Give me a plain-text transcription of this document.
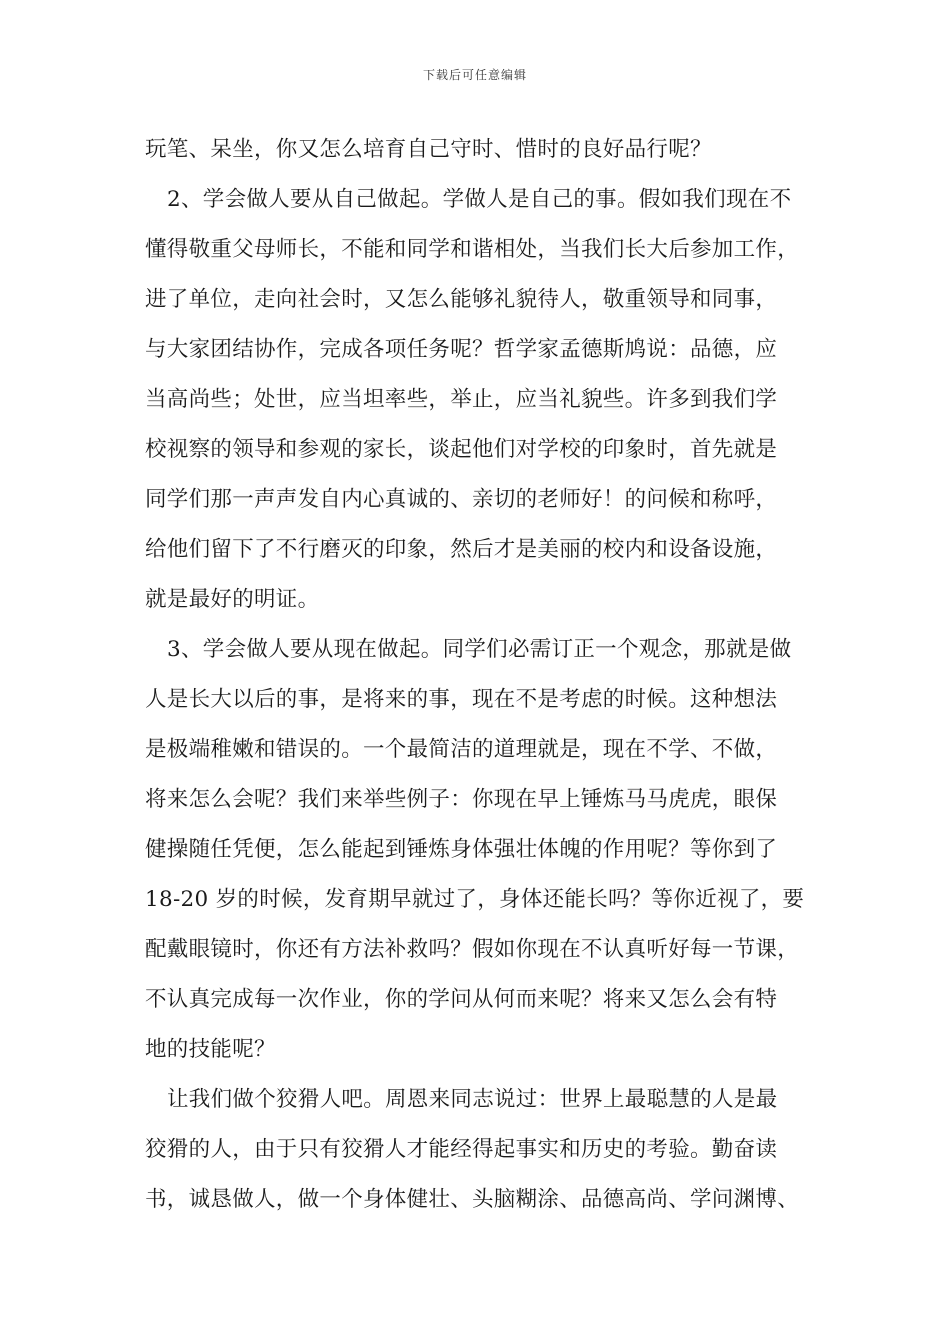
下载后可任意编辑
玩笔、呆坐，你又怎么培育自己守时、惜时的良好品行呢？
2、学会做人要从自己做起。学做人是自己的事。假如我们现在不
懂得敬重父母师长，不能和同学和谐相处，当我们长大后参加工作，
进了单位，走向社会时，又怎么能够礼貌待人，敬重领导和同事，
与大家团结协作，完成各项任务呢？哲学家孟德斯鸠说：品德，应
当高尚些；处世，应当坦率些，举止，应当礼貌些。许多到我们学
校视察的领导和参观的家长，谈起他们对学校的印象时，首先就是
同学们那一声声发自内心真诚的、亲切的老师好！的问候和称呼，
给他们留下了不行磨灭的印象，然后才是美丽的校内和设备设施，
就是最好的明证。
3、学会做人要从现在做起。同学们必需订正一个观念，那就是做
人是长大以后的事，是将来的事，现在不是考虑的时候。这种想法
是极端稚嫩和错误的。一个最简洁的道理就是，现在不学、不做，
将来怎么会呢？我们来举些例子：你现在早上锤炼马马虎虎，眼保
健操随任凭便，怎么能起到锤炼身体强壮体魄的作用呢？等你到了
18-20 岁的时候，发育期早就过了，身体还能长吗？等你近视了，要
配戴眼镜时，你还有方法补救吗？假如你现在不认真听好每一节课，
不认真完成每一次作业，你的学问从何而来呢？将来又怎么会有特
地的技能呢？
让我们做个狡猾人吧。周恩来同志说过：世界上最聪慧的人是最
狡猾的人，由于只有狡猾人才能经得起事实和历史的考验。勤奋读
书，诚恳做人，做一个身体健壮、头脑糊涂、品德高尚、学问渊博、
